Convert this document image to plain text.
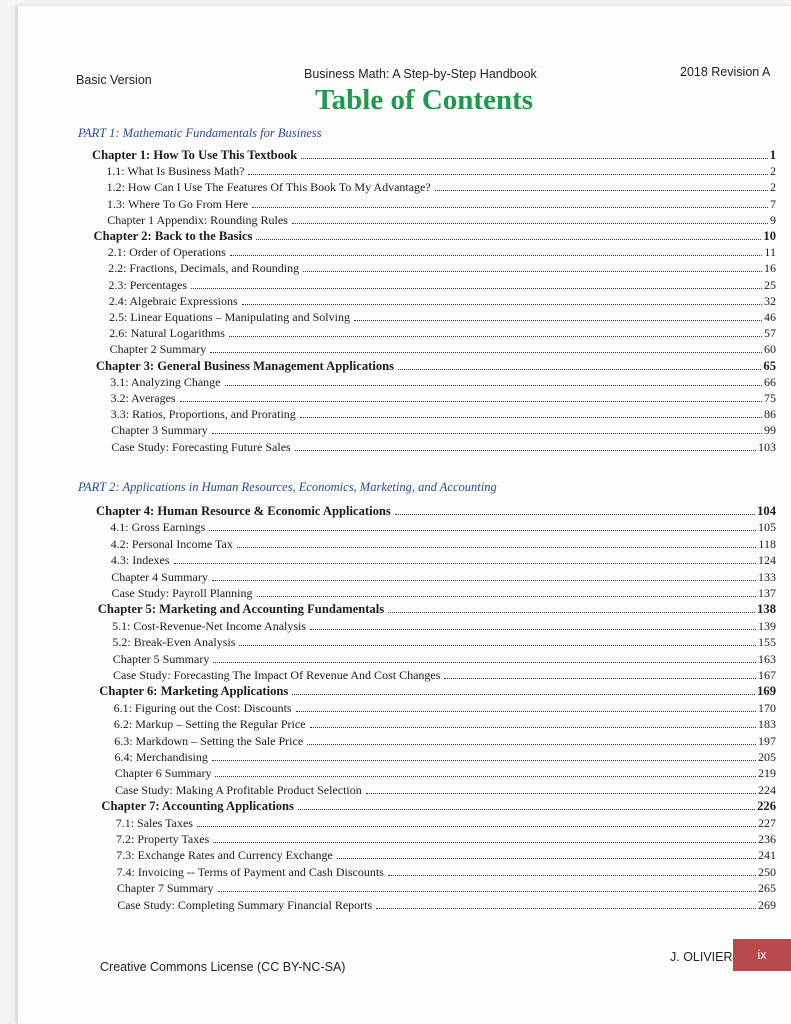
Basic Version	Business Math: A Step-by-Step Handbook	2018 Revision A
Table of Contents
PART 1: Mathematic Fundamentals for Business
Chapter 1: How To Use This Textbook	1
1.1: What Is Business Math?	2
1.2: How Can I Use The Features Of This Book To My Advantage?	2
1.3: Where To Go From Here	7
Chapter 1 Appendix: Rounding Rules	9
Chapter 2: Back to the Basics	10
2.1: Order of Operations	11
2.2: Fractions, Decimals, and Rounding	16
2.3: Percentages	25
2.4: Algebraic Expressions	32
2.5: Linear Equations – Manipulating and Solving	46
2.6: Natural Logarithms	57
Chapter 2 Summary	60
Chapter 3: General Business Management Applications	65
3.1: Analyzing Change	66
3.2: Averages	75
3.3: Ratios, Proportions, and Prorating	86
Chapter 3 Summary	99
Case Study: Forecasting Future Sales	103
PART 2: Applications in Human Resources, Economics, Marketing, and Accounting
Chapter 4: Human Resource & Economic Applications	104
4.1: Gross Earnings	105
4.2: Personal Income Tax	118
4.3: Indexes	124
Chapter 4 Summary	133
Case Study: Payroll Planning	137
Chapter 5: Marketing and Accounting Fundamentals	138
5.1: Cost-Revenue-Net Income Analysis	139
5.2: Break-Even Analysis	155
Chapter 5 Summary	163
Case Study: Forecasting The Impact Of Revenue And Cost Changes	167
Chapter 6: Marketing Applications	169
6.1: Figuring out the Cost: Discounts	170
6.2: Markup – Setting the Regular Price	183
6.3: Markdown – Setting the Sale Price	197
6.4: Merchandising	205
Chapter 6 Summary	219
Case Study: Making A Profitable Product Selection	224
Chapter 7: Accounting Applications	226
7.1: Sales Taxes	227
7.2: Property Taxes	236
7.3: Exchange Rates and Currency Exchange	241
7.4: Invoicing -- Terms of Payment and Cash Discounts	250
Chapter 7 Summary	265
Case Study: Completing Summary Financial Reports	269
Creative Commons License (CC BY-NC-SA)
J. OLIVIER	ix
